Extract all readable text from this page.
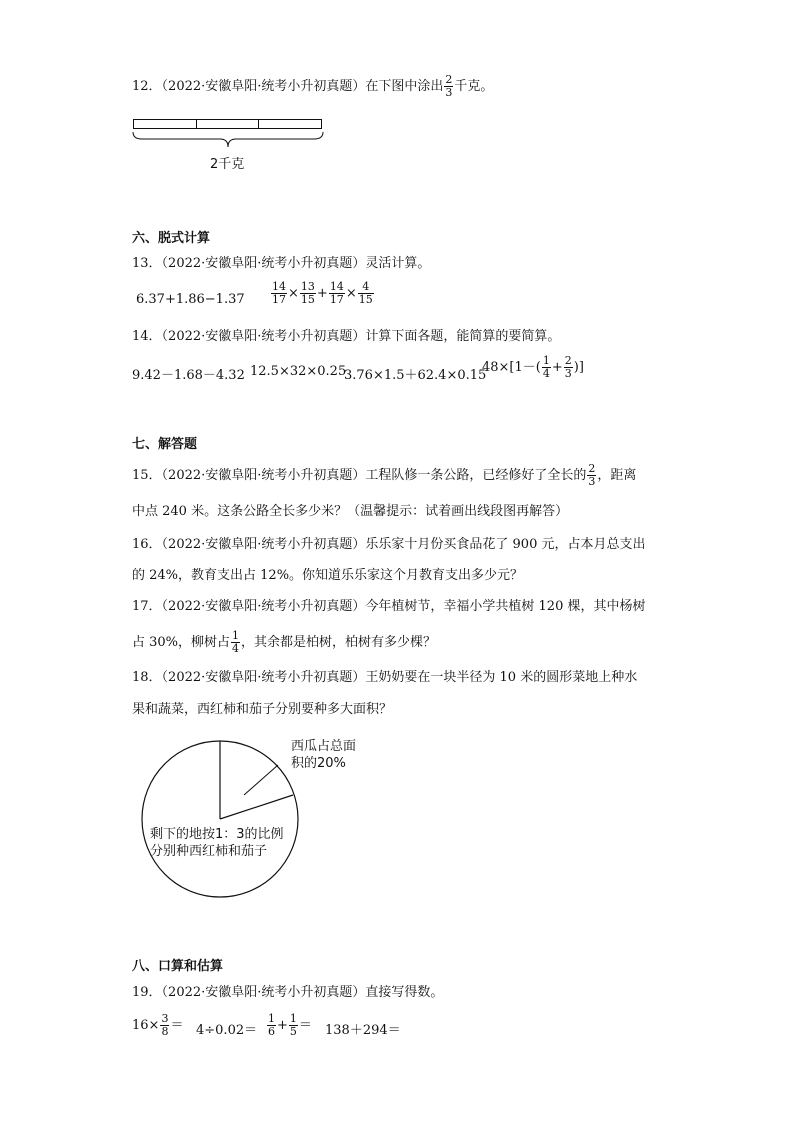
12．（2022·安徽阜阳·统考小升初真题）在下图中涂出 $\frac{2}{3}$ 千克。
2千克
六、脱式计算
13．（2022·安徽阜阳·统考小升初真题）灵活计算。
$6.37+1.86-1.37 \frac{14}{17} \times \frac{13}{15} + \frac{14}{17} \times \frac{4}{15}$
14．（2022·安徽阜阳·统考小升初真题）计算下面各题，能简算的要简算。
9.42－1.68－4.32 12.5×32×0.25
3.76×1.5＋62.4×0.15
$48\times[1-( \frac{1}{4} + \frac{2}{3}$ )]
七、解答题
15．（2022·安徽阜阳·统考小升初真题）工程队修一条公路，已经修好了全长的 $\frac{2}{3}$ ，距离
中点 240 米。这条公路全长多少米？（温馨提示：试着画出线段图再解答）
16．（2022·安徽阜阳·统考小升初真题）乐乐家十月份买食品花了 900 元，占本月总支出
的 24%，教育支出占 12%。你知道乐乐家这个月教育支出多少元？
17．（2022·安徽阜阳·统考小升初真题）今年植树节，幸福小学共植树 120 棵，其中杨树
占 30%，柳树占 $\frac{1}{4}$ ，其余都是柏树，柏树有多少棵？
18．（2022·安徽阜阳·统考小升初真题）王奶奶要在一块半径为 10 米的圆形菜地上种水
果和蔬菜，西红柿和茄子分别要种多大面积？
西瓜占总面
积的20%
剩下的地按1：3的比例
分别种西红柿和茄子
八、口算和估算
19．（2022·安徽阜阳·统考小升初真题）直接写得数。
$16\times \frac{3}{8} = 4\div 0.02= \frac{1}{6} + \frac{1}{5} = 138+294=$
